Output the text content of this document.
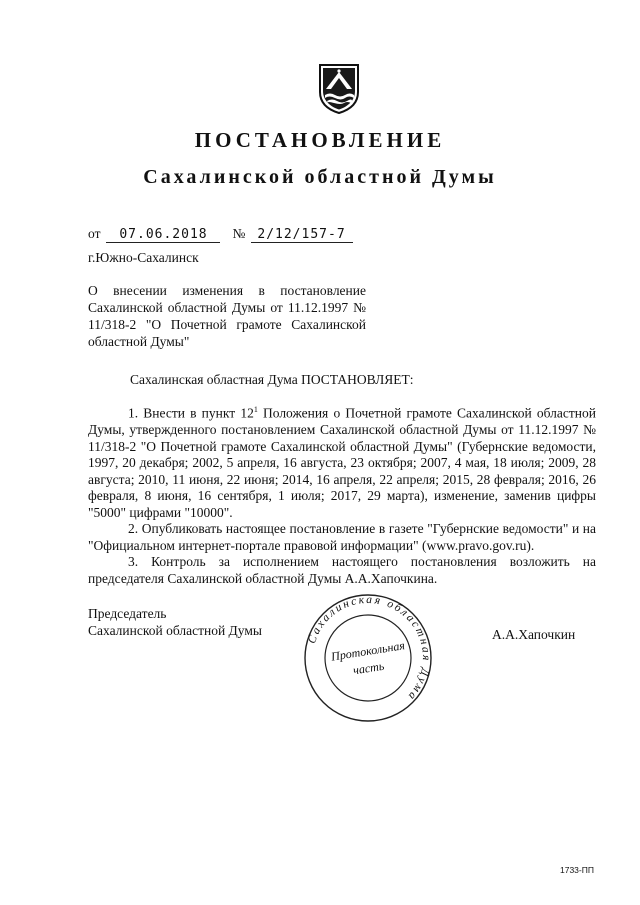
ПОСТАНОВЛЕНИЕ
Сахалинской областной Думы
от 07.06.2018 № 2/12/157-7

г.Южно-Сахалинск

О внесении изменения в постановление Сахалинской областной Думы от 11.12.1997 № 11/318-2 "О Почетной грамоте Сахалинской областной Думы"

Сахалинская областная Дума ПОСТАНОВЛЯЕТ:

1. Внести в пункт $12^1$ Положения о Почетной грамоте Сахалинской областной Думы, утвержденного постановлением Сахалинской областной Думы от 11.12.1997 № 11/318-2 "О Почетной грамоте Сахалинской областной Думы" (Губернские ведомости, 1997, 20 декабря; 2002, 5 апреля, 16 августа, 23 октября; 2007, 4 мая, 18 июля; 2009, 28 августа; 2010, 11 июня, 22 июня; 2014, 16 апреля, 22 апреля; 2015, 28 февраля; 2016, 26 февраля, 8 июня, 16 сентября, 1 июля; 2017, 29 марта), изменение, заменив цифры "5000" цифрами "10000".

2. Опубликовать настоящее постановление в газете "Губернские ведомости" и на "Официальном интернет-портале правовой информации" (www.pravo.gov.ru).

3. Контроль за исполнением настоящего постановления возложить на председателя Сахалинской областной Думы А.А.Хапочкина.

Председатель
Сахалинской областной Думы	А.А.Хапочкин

Сахалинская областная Дума
Протокольная
часть

1733-ПП
